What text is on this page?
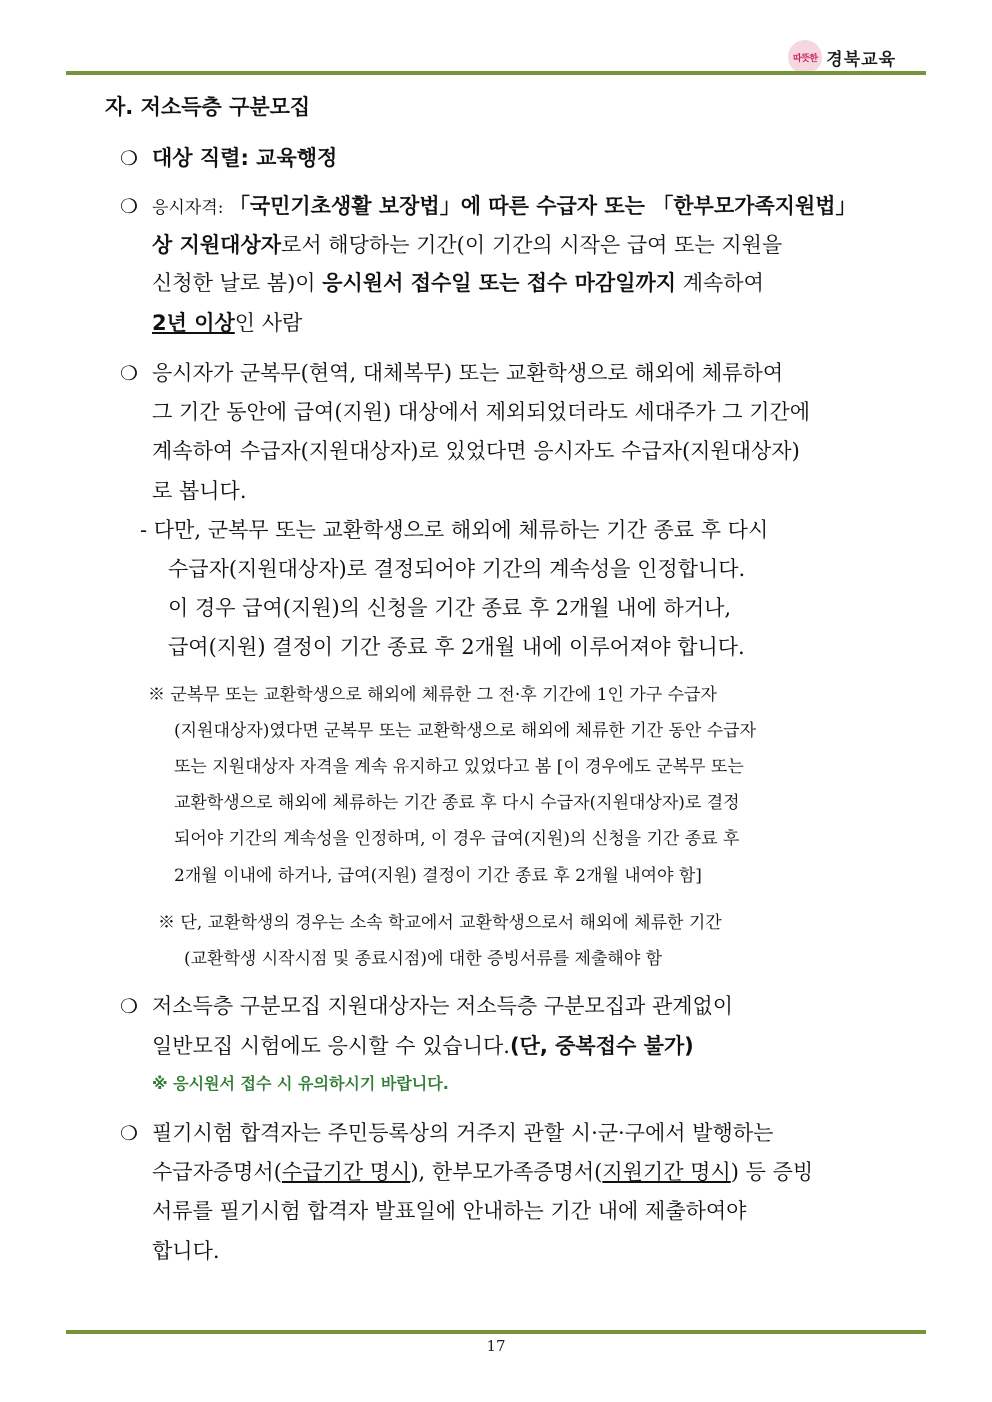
따뜻한 경북교육
자. 저소득층 구분모집
❍ 대상 직렬: 교육행정
❍ 응시자격: 「국민기초생활 보장법」에 따른 수급자 또는 「한부모가족지원법」
상 지원대상자로서 해당하는 기간(이 기간의 시작은 급여 또는 지원을
신청한 날로 봄)이 응시원서 접수일 또는 접수 마감일까지 계속하여
2년 이상인 사람
❍ 응시자가 군복무(현역, 대체복무) 또는 교환학생으로 해외에 체류하여
그 기간 동안에 급여(지원) 대상에서 제외되었더라도 세대주가 그 기간에
계속하여 수급자(지원대상자)로 있었다면 응시자도 수급자(지원대상자)
로 봅니다.
- 다만, 군복무 또는 교환학생으로 해외에 체류하는 기간 종료 후 다시
수급자(지원대상자)로 결정되어야 기간의 계속성을 인정합니다.
이 경우 급여(지원)의 신청을 기간 종료 후 2개월 내에 하거나,
급여(지원) 결정이 기간 종료 후 2개월 내에 이루어져야 합니다.
※ 군복무 또는 교환학생으로 해외에 체류한 그 전·후 기간에 1인 가구 수급자
(지원대상자)였다면 군복무 또는 교환학생으로 해외에 체류한 기간 동안 수급자
또는 지원대상자 자격을 계속 유지하고 있었다고 봄 [이 경우에도 군복무 또는
교환학생으로 해외에 체류하는 기간 종료 후 다시 수급자(지원대상자)로 결정
되어야 기간의 계속성을 인정하며, 이 경우 급여(지원)의 신청을 기간 종료 후
2개월 이내에 하거나, 급여(지원) 결정이 기간 종료 후 2개월 내여야 함]
※ 단, 교환학생의 경우는 소속 학교에서 교환학생으로서 해외에 체류한 기간
(교환학생 시작시점 및 종료시점)에 대한 증빙서류를 제출해야 함
❍ 저소득층 구분모집 지원대상자는 저소득층 구분모집과 관계없이
일반모집 시험에도 응시할 수 있습니다.(단, 중복접수 불가)
※ 응시원서 접수 시 유의하시기 바랍니다.
❍ 필기시험 합격자는 주민등록상의 거주지 관할 시·군·구에서 발행하는
수급자증명서(수급기간 명시), 한부모가족증명서(지원기간 명시) 등 증빙
서류를 필기시험 합격자 발표일에 안내하는 기간 내에 제출하여야
합니다.
17
